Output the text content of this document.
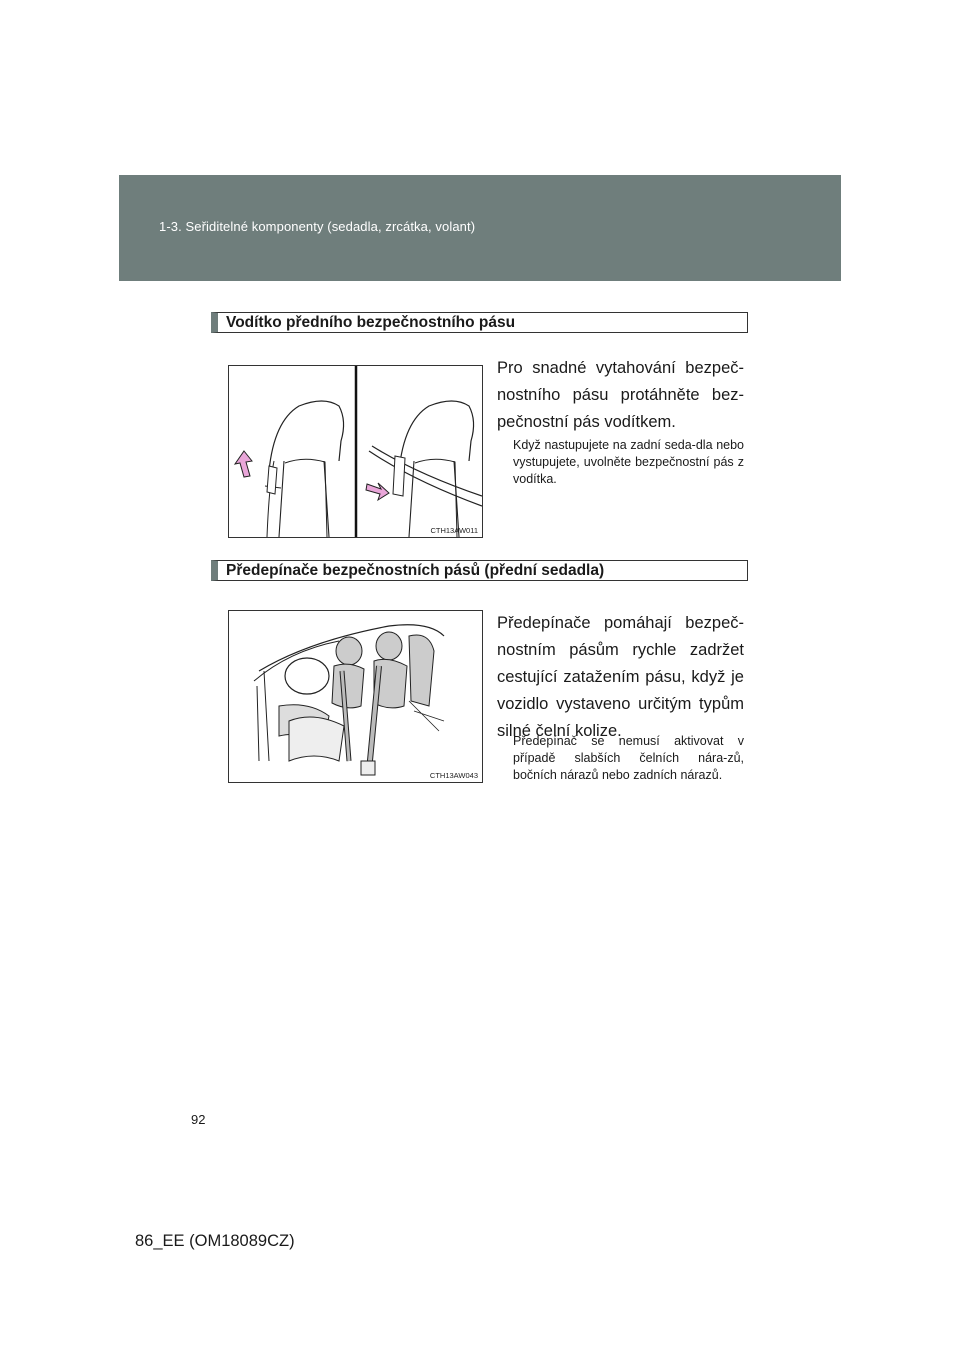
1-3. Seřiditelné komponenty (sedadla, zrcátka, volant)
Vodítko předního bezpečnostního pásu
CTH13AW011
Pro snadné vytahování bezpeč-nostního pásu protáhněte bez-pečnostní pás vodítkem.
Když nastupujete na zadní seda-dla nebo vystupujete, uvolněte bezpečnostní pás z vodítka.
Předepínače bezpečnostních pásů (přední sedadla)
CTH13AW043
Předepínače pomáhají bezpeč-nostním pásům rychle zadržet cestující zatažením pásu, když je vozidlo vystaveno určitým typům silné čelní kolize.
Předepínač se nemusí aktivovat v případě slabších čelních nára-zů, bočních nárazů nebo zadních nárazů.
92
86_EE (OM18089CZ)
